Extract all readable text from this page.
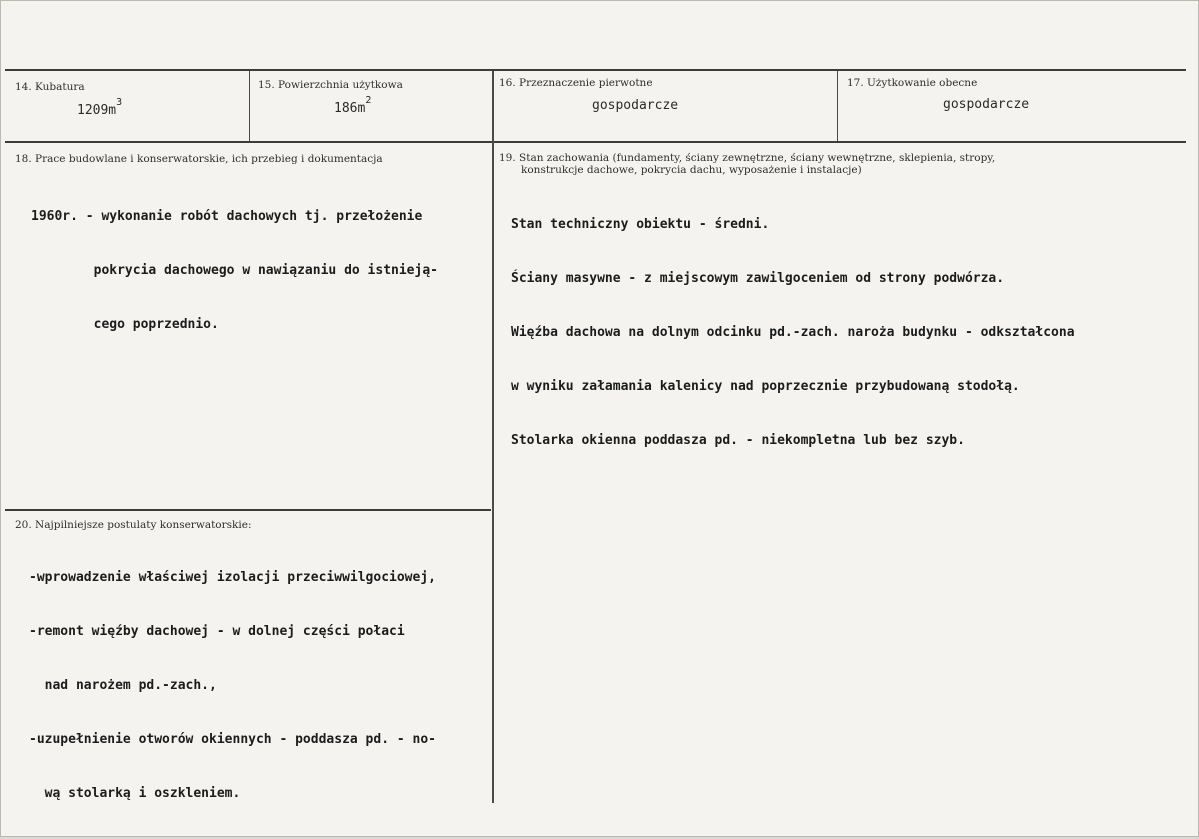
14. Kubatura
$1209m^3$
15. Powierzchnia użytkowa
$186m^2$
16. Przeznaczenie pierwotne
gospodarcze
17. Użytkowanie obecne
gospodarcze
18. Prace budowlane i konserwatorskie, ich przebieg i dokumentacja

1960r. - wykonanie robót dachowych tj. przełożenie

pokrycia dachowego w nawiązaniu do istnieją-

cego poprzednio.

19. Stan zachowania (fundamenty, ściany zewnętrzne, ściany wewnętrzne, sklepienia, stropy,
konstrukcje dachowe, pokrycia dachu, wyposażenie i instalacje)

Stan techniczny obiektu - średni.

Ściany masywne - z miejscowym zawilgoceniem od strony podwórza.

Więźba dachowa na dolnym odcinku pd.-zach. naroża budynku - odkształcona

w wyniku załamania kalenicy nad poprzecznie przybudowaną stodołą.

Stolarka okienna poddasza pd. - niekompletna lub bez szyb.

20. Najpilniejsze postulaty konserwatorskie:

-wprowadzenie właściwej izolacji przeciwwilgociowej,

-remont więźby dachowej - w dolnej części połaci

nad narożem pd.-zach.,

-uzupełnienie otworów okiennych - poddasza pd. - no-

wą stolarką i oszkleniem.
